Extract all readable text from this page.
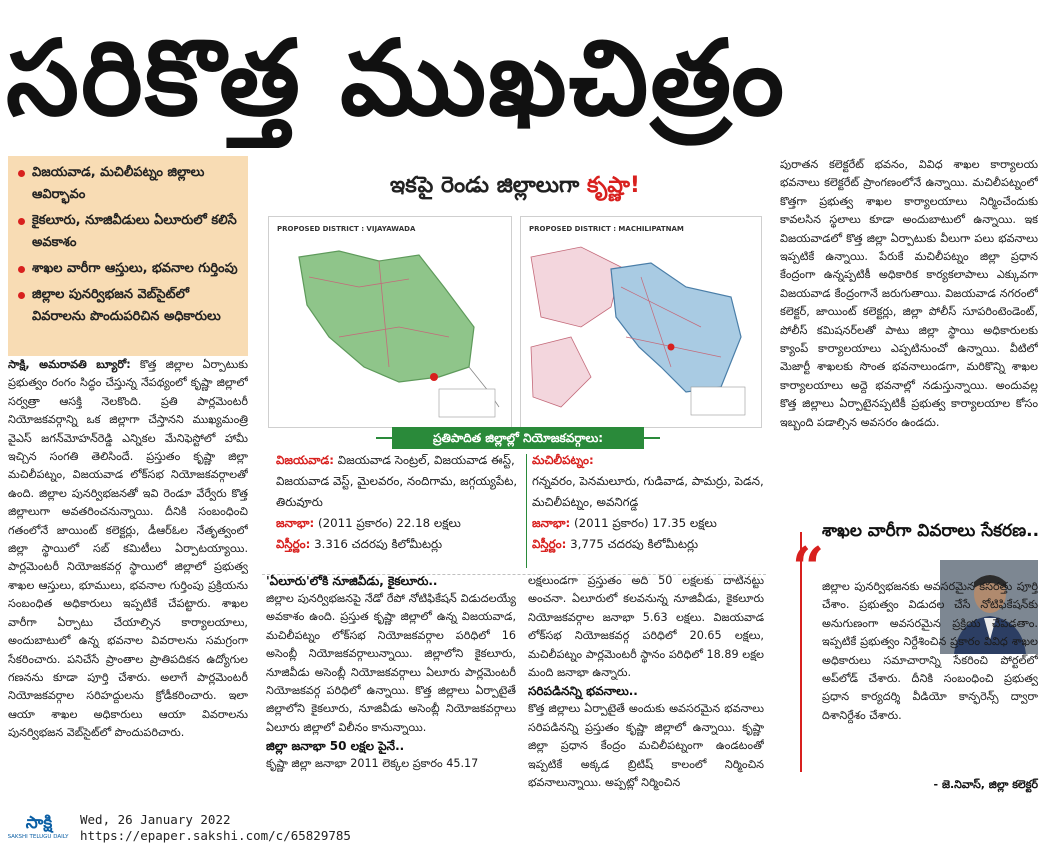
సరికొత్త ముఖచిత్రం
విజయవాడ, మచిలీపట్నం జిల్లాలు ఆవిర్భావం
కైకలూరు, నూజివీడులు ఏలూరులో కలిసే అవకాశం
శాఖల వారీగా ఆస్తులు, భవనాల గుర్తింపు
జిల్లాల పునర్విభజన వెబ్‌సైట్‌లో వివరాలను పొందుపరిచిన అధికారులు
సాక్షి, అమరావతి బ్యూరో: కొత్త జిల్లాల ఏర్పాటుకు ప్రభుత్వం రంగం సిద్ధం చేస్తున్న నేపథ్యంలో కృష్ణా జిల్లాలో సర్వత్రా ఆసక్తి నెలకొంది. ప్రతి పార్లమెంటరీ నియోజకవర్గాన్ని ఒక జిల్లాగా చేస్తానని ముఖ్యమంత్రి వైఎస్ జగన్‌మోహన్‌రెడ్డి ఎన్నికల మేనిఫెస్టోలో హామీ ఇచ్చిన సంగతి తెలిసిందే. ప్రస్తుతం కృష్ణా జిల్లా మచిలీపట్నం, విజయవాడ లోక్‌సభ నియోజకవర్గాలతో ఉంది. జిల్లాల పునర్విభజనతో ఇవి రెండూ వేర్వేరు కొత్త జిల్లాలుగా అవతరించనున్నాయి. దీనికి సంబంధించి గతంలోనే జాయింట్ కలెక్టర్లు, డీఆర్‌ఓల నేతృత్వంలో జిల్లా స్థాయిలో సబ్ కమిటీలు ఏర్పాటయ్యాయి. పార్లమెంటరీ నియోజకవర్గ స్థాయిలో జిల్లాలో ప్రభుత్వ శాఖల ఆస్తులు, భూములు, భవనాల గుర్తింపు ప్రక్రియను సంబంధిత అధికారులు ఇప్పటికే చేపట్టారు. శాఖల వారీగా ఏర్పాటు చేయాల్సిన కార్యాలయాలు, అందుబాటులో ఉన్న భవనాల వివరాలను సమగ్రంగా సేకరించారు. పనిచేసే ప్రాంతాల ప్రాతిపదికన ఉద్యోగుల గణనను కూడా పూర్తి చేశారు. అలాగే పార్లమెంటరీ నియోజకవర్గాల సరిహద్దులను క్రోడీకరించారు. ఇలా ఆయా శాఖల అధికారులు ఆయా వివరాలను పునర్విభజన వెబ్‌సైట్‌లో పొందుపరిచారు.
ఇకపై రెండు జిల్లాలుగా కృష్ణా!
PROPOSED DISTRICT : VIJAYAWADA	PROPOSED DISTRICT : MACHILIPATNAM
ప్రతిపాదిత జిల్లాల్లో నియోజకవర్గాలు:
విజయవాడ: విజయవాడ సెంట్రల్, విజయవాడ ఈస్ట్, విజయవాడ వెస్ట్, మైలవరం, నందిగామ, జగ్గయ్యపేట, తిరువూరు
జనాభా: (2011 ప్రకారం) 22.18 లక్షలు
విస్తీర్ణం: 3.316 చదరపు కిలోమీటర్లు
మచిలీపట్నం:
గన్నవరం, పెనమలూరు, గుడివాడ, పామర్రు, పెడన, మచిలీపట్నం, అవనిగడ్డ
జనాభా: (2011 ప్రకారం) 17.35 లక్షలు
విస్తీర్ణం: 3,775 చదరపు కిలోమీటర్లు
'ఏలూరు'లోకి నూజివీడు, కైకలూరు..
జిల్లాల పునర్విభజనపై నేడో రేపో నోటిఫికేషన్ విడుదలయ్యే అవకాశం ఉంది. ప్రస్తుత కృష్ణా జిల్లాలో ఉన్న విజయవాడ, మచిలీపట్నం లోక్‌సభ నియోజకవర్గాల పరిధిలో 16 అసెంబ్లీ నియోజకవర్గాలున్నాయి. జిల్లాలోని కైకలూరు, నూజివీడు అసెంబ్లీ నియోజకవర్గాలు ఏలూరు పార్లమెంటరీ నియోజకవర్గ పరిధిలో ఉన్నాయి. కొత్త జిల్లాలు ఏర్పాటైతే జిల్లాలోని కైకలూరు, నూజివీడు అసెంబ్లీ నియోజకవర్గాలు ఏలూరు జిల్లాలో విలీనం కానున్నాయి.
జిల్లా జనాభా 50 లక్షల పైనే..
కృష్ణా జిల్లా జనాభా 2011 లెక్కల ప్రకారం 45.17
లక్షలుండగా ప్రస్తుతం అది 50 లక్షలకు దాటినట్టు అంచనా. ఏలూరులో కలవనున్న నూజివీడు, కైకలూరు నియోజకవర్గాల జనాభా 5.63 లక్షలు. విజయవాడ లోక్‌సభ నియోజకవర్గ పరిధిలో 20.65 లక్షలు, మచిలీపట్నం పార్లమెంటరీ స్థానం పరిధిలో 18.89 లక్షల మంది జనాభా ఉన్నారు.
సరిపడినన్ని భవనాలు..
కొత్త జిల్లాలు ఏర్పాటైతే అందుకు అవసరమైన భవనాలు సరిపడినన్ని ప్రస్తుతం కృష్ణా జిల్లాలో ఉన్నాయి. కృష్ణా జిల్లా ప్రధాన కేంద్రం మచిలీపట్నంగా ఉండటంతో ఇప్పటికే అక్కడ బ్రిటిష్ కాలంలో నిర్మించిన భవనాలున్నాయి. అప్పట్లో నిర్మించిన
పురాతన కలెక్టరేట్ భవనం, వివిధ శాఖల కార్యాలయ భవనాలు కలెక్టరేట్ ప్రాంగణంలోనే ఉన్నాయి. మచిలీపట్నంలో కొత్తగా ప్రభుత్వ శాఖల కార్యాలయాలు నిర్మించేందుకు కావలసిన స్థలాలు కూడా అందుబాటులో ఉన్నాయి. ఇక విజయవాడలో కొత్త జిల్లా ఏర్పాటుకు వీలుగా పలు భవనాలు ఇప్పటికే ఉన్నాయి. పేరుకే మచిలీపట్నం జిల్లా ప్రధాన కేంద్రంగా ఉన్నప్పటికీ అధికారిక కార్యకలాపాలు ఎక్కువగా విజయవాడ కేంద్రంగానే జరుగుతాయి. విజయవాడ నగరంలో కలెక్టర్, జాయింట్ కలెక్టర్లు, జిల్లా పోలీస్ సూపరింటెండెంట్, పోలీస్ కమిషనర్‌లతో పాటు జిల్లా స్థాయి అధికారులకు క్యాంప్ కార్యాలయాలు ఎప్పటినుంచో ఉన్నాయి. వీటిలో మెజార్టీ శాఖలకు సొంత భవనాలుండగా, మరికొన్ని శాఖల కార్యాలయాలు అద్దె భవనాల్లో నడుస్తున్నాయి. అందువల్ల కొత్త జిల్లాలు ఏర్పాటైనప్పటికీ ప్రభుత్వ కార్యాలయాల కోసం ఇబ్బంది పడాల్సిన అవసరం ఉండదు.
శాఖల వారీగా వివరాలు సేకరణ..
“
జిల్లాల పునర్విభజనకు అవసరమైన కసరత్తు పూర్తి చేశాం. ప్రభుత్వం విడుదల చేసే నోటిఫికేషన్‌కు అనుగుణంగా అవసరమైన ప్రక్రియ చేపడతాం. ఇప్పటికే ప్రభుత్వం నిర్దేశించిన ప్రకారం వివిధ శాఖల అధికారులు సమాచారాన్ని సేకరించి పోర్టల్‌లో అప్‌లోడ్ చేశారు. దీనికి సంబంధించి ప్రభుత్వ ప్రధాన కార్యదర్శి వీడియో కాన్ఫరెన్స్ ద్వారా దిశానిర్దేశం చేశారు.
- జె.నివాస్, జిల్లా కలెక్టర్
సాక్షి
SAKSHI TELUGU DAILY
Wed, 26 January 2022
https://epaper.sakshi.com/c/65829785
